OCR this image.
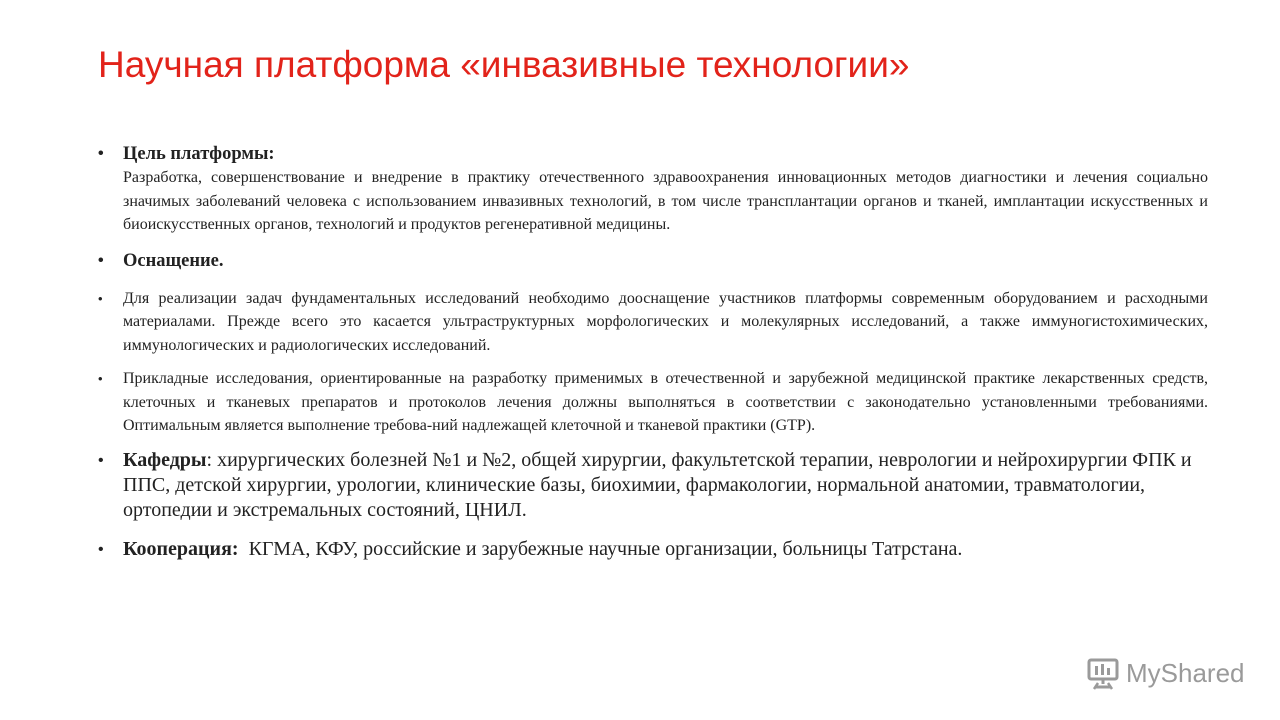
Научная платформа «инвазивные технологии»
• Цель платформы:
Разработка, совершенствование и внедрение в практику отечественного здравоохранения инновационных методов диагностики и лечения социально значимых заболеваний человека с использованием инвазивных технологий, в том числе трансплантации органов и тканей, имплантации искусственных и биоискусственных органов, технологий и продуктов регенеративной медицины.
• Оснащение.
• Для реализации задач фундаментальных исследований необходимо дооснащение участников платформы современным оборудованием и расходными материалами. Прежде всего это касается ультраструктурных морфологических и молекулярных исследований, а также иммуногистохимических, иммунологических и радиологических исследований.
• Прикладные исследования, ориентированные на разработку применимых в отечественной и зарубежной медицинской практике лекарственных средств, клеточных и тканевых препаратов и протоколов лечения должны выполняться в соответствии с законодательно установленными требованиями. Оптимальным является выполнение требова-ний надлежащей клеточной и тканевой практики (GTP).
• Кафедры: хирургических болезней №1 и №2, общей хирургии, факультетской терапии, неврологии и нейрохирургии ФПК и ППС, детской хирургии, урологии, клинические базы, биохимии, фармакологии, нормальной анатомии, травматологии, ортопедии и экстремальных состояний, ЦНИЛ.
• Кооперация:  КГМА, КФУ, российские и зарубежные научные организации, больницы Татрстана.
MyShared
